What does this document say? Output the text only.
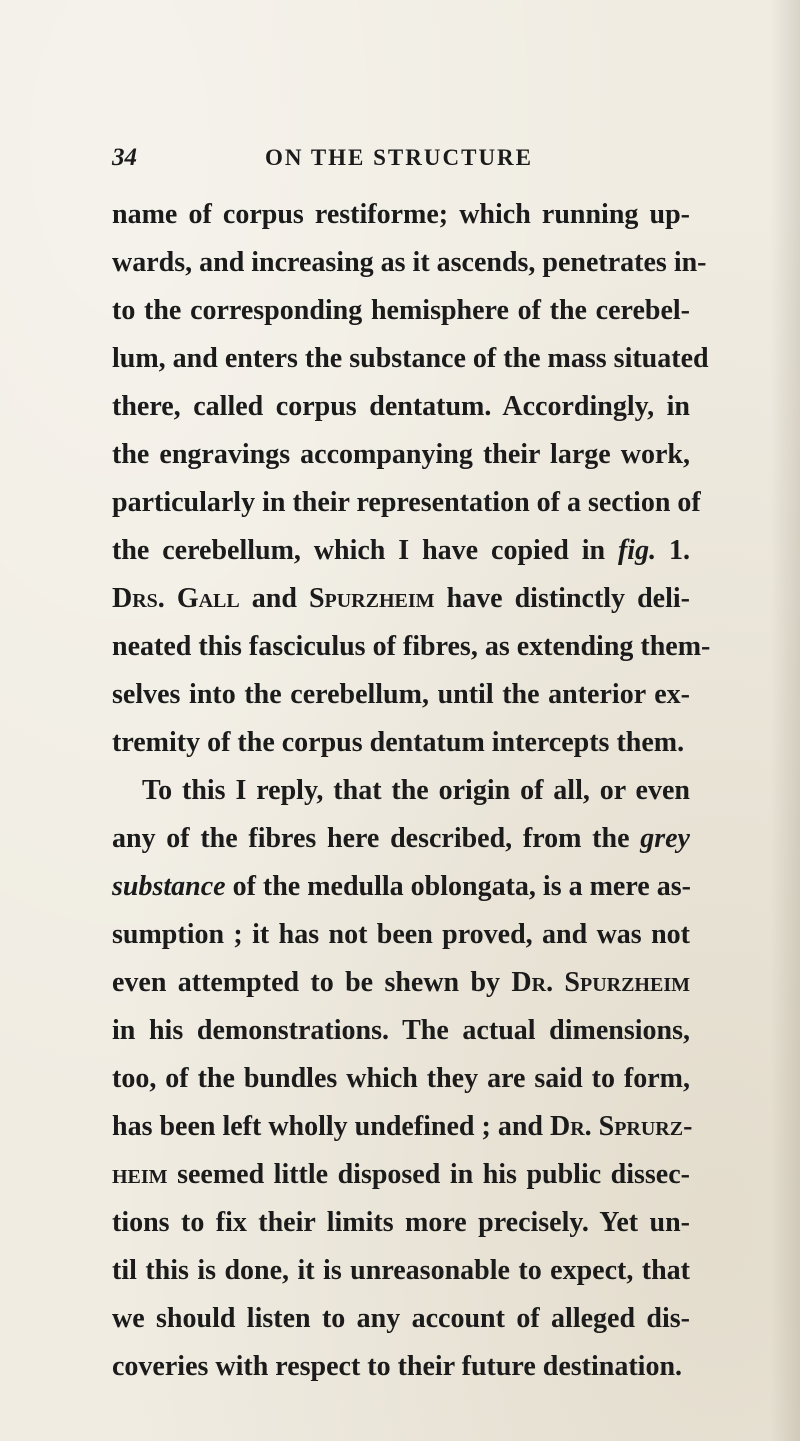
34	ON THE STRUCTURE
name of corpus restiforme; which running up-
wards, and increasing as it ascends, penetrates in-
to the corresponding hemisphere of the cerebel-
lum, and enters the substance of the mass situated
there, called corpus dentatum. Accordingly, in
the engravings accompanying their large work,
particularly in their representation of a section of
the cerebellum, which I have copied in fig. 1.
Drs. Gall and Spurzheim have distinctly deli-
neated this fasciculus of fibres, as extending them-
selves into the cerebellum, until the anterior ex-
tremity of the corpus dentatum intercepts them.
To this I reply, that the origin of all, or even
any of the fibres here described, from the grey
substance of the medulla oblongata, is a mere as-
sumption ; it has not been proved, and was not
even attempted to be shewn by Dr. Spurzheim
in his demonstrations. The actual dimensions,
too, of the bundles which they are said to form,
has been left wholly undefined ; and Dr. Sprurz-
heim seemed little disposed in his public dissec-
tions to fix their limits more precisely. Yet un-
til this is done, it is unreasonable to expect, that
we should listen to any account of alleged dis-
coveries with respect to their future destination.
